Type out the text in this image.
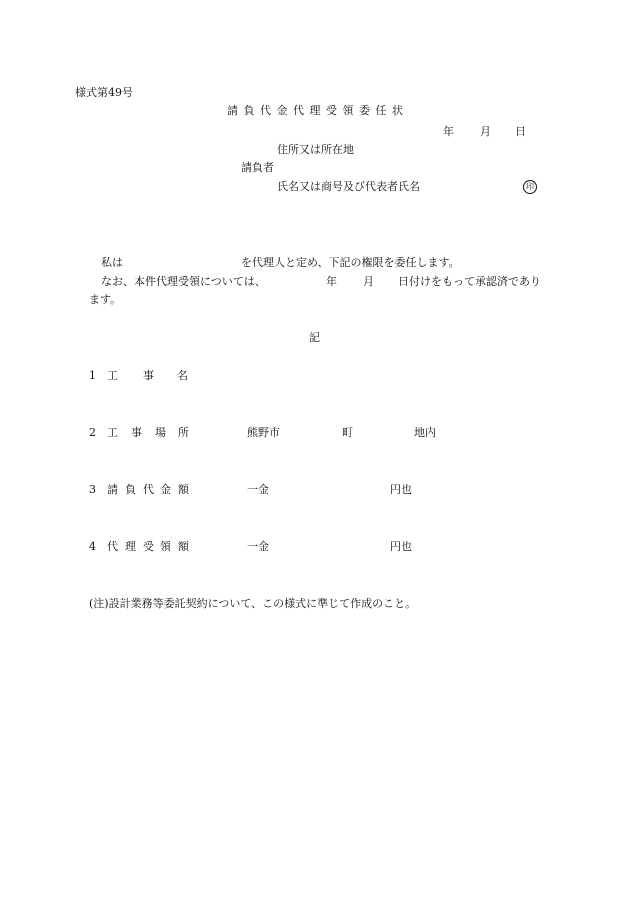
様式第49号
請 負 代 金 代 理 受 領 委 任 状
年 月 日
住所又は所在地
請負者
氏名又は商号及び代表者氏名	印
私は	を代理人と定め、下記の権限を委任します。
なお、本件代理受領については、	年 月 日付けをもって承認済であり
ます。
記
1 工 事 名
2 工 事 場 所	熊野市	町	地内
3 請 負 代 金 額	一金	円也
4 代 理 受 領 額	一金	円也
(注)設計業務等委託契約について、この様式に準じて作成のこと。
